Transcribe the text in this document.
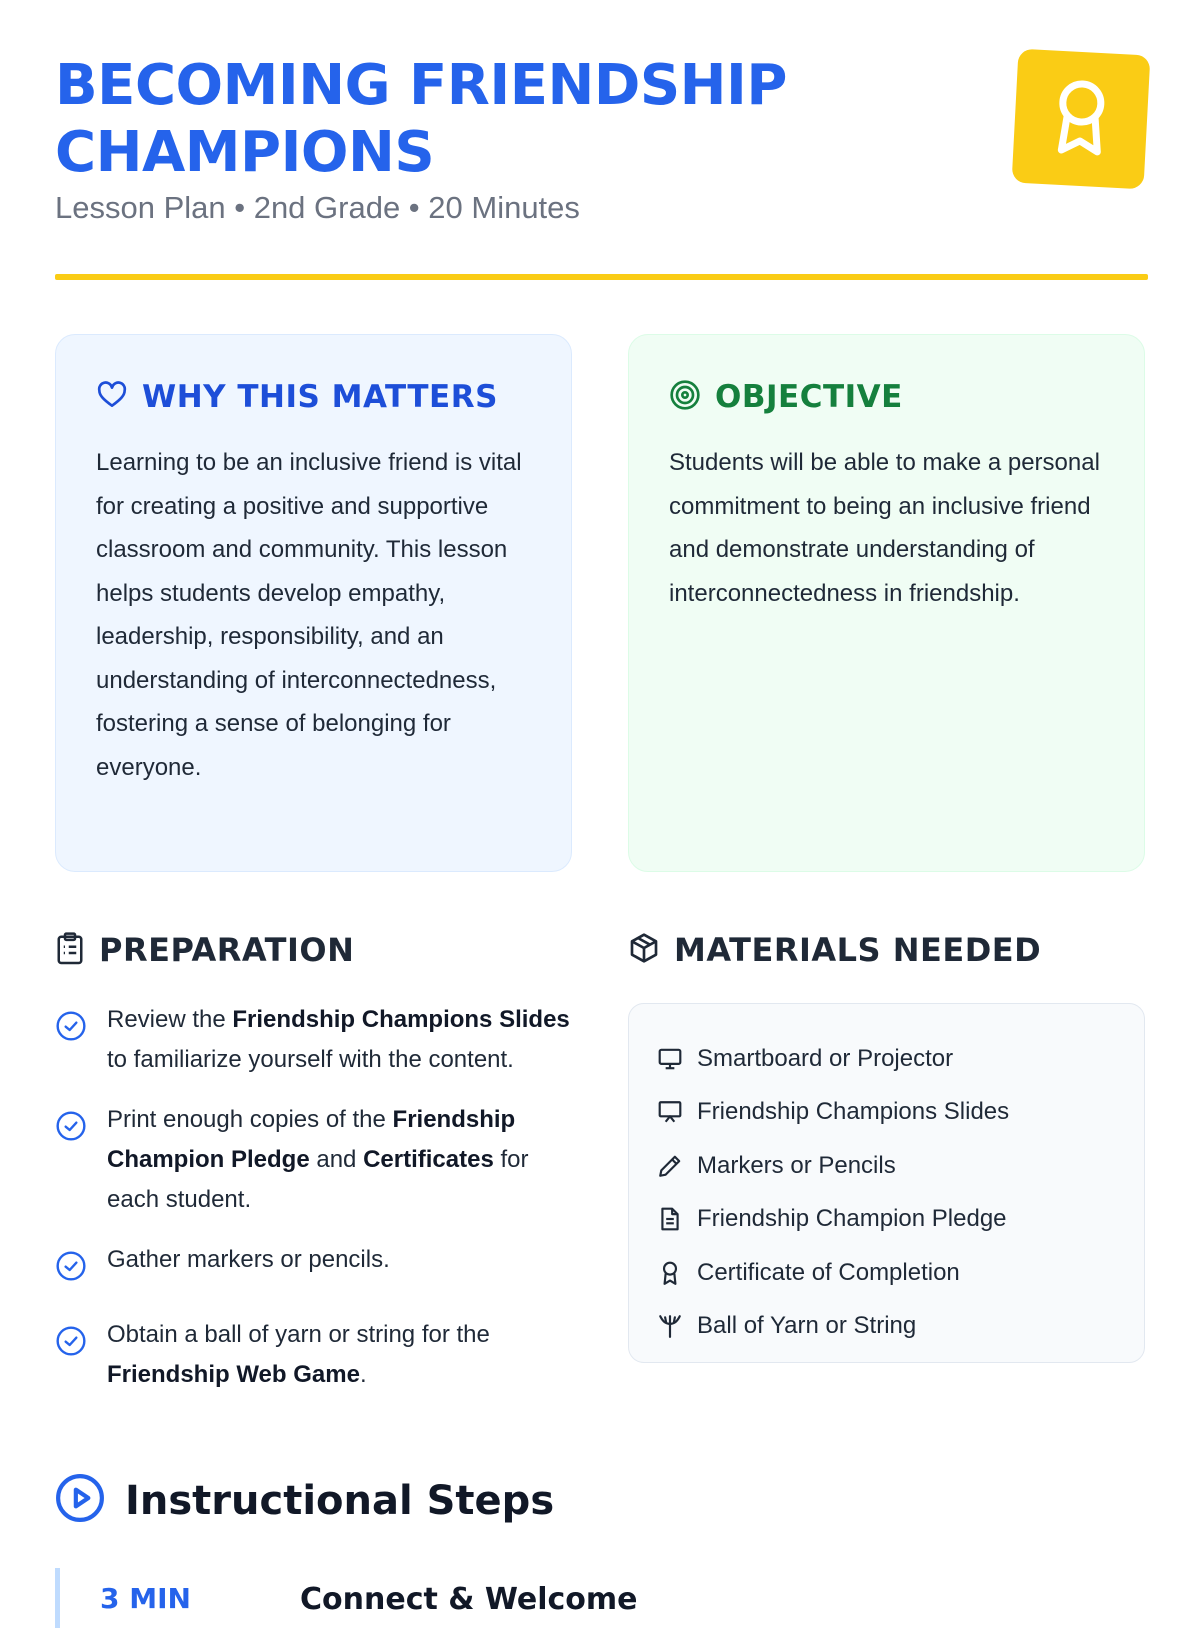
BECOMING FRIENDSHIP CHAMPIONS
Lesson Plan • 2nd Grade • 20 Minutes
WHY THIS MATTERS
Learning to be an inclusive friend is vital for creating a positive and supportive classroom and community. This lesson helps students develop empathy, leadership, responsibility, and an understanding of interconnectedness, fostering a sense of belonging for everyone.
OBJECTIVE
Students will be able to make a personal commitment to being an inclusive friend and demonstrate understanding of interconnectedness in friendship.
PREPARATION
Review the Friendship Champions Slides to familiarize yourself with the content.
Print enough copies of the Friendship Champion Pledge and Certificates for each student.
Gather markers or pencils.
Obtain a ball of yarn or string for the Friendship Web Game.
MATERIALS NEEDED
Smartboard or Projector
Friendship Champions Slides
Markers or Pencils
Friendship Champion Pledge
Certificate of Completion
Ball of Yarn or String
Instructional Steps
3 MIN	Connect & Welcome
